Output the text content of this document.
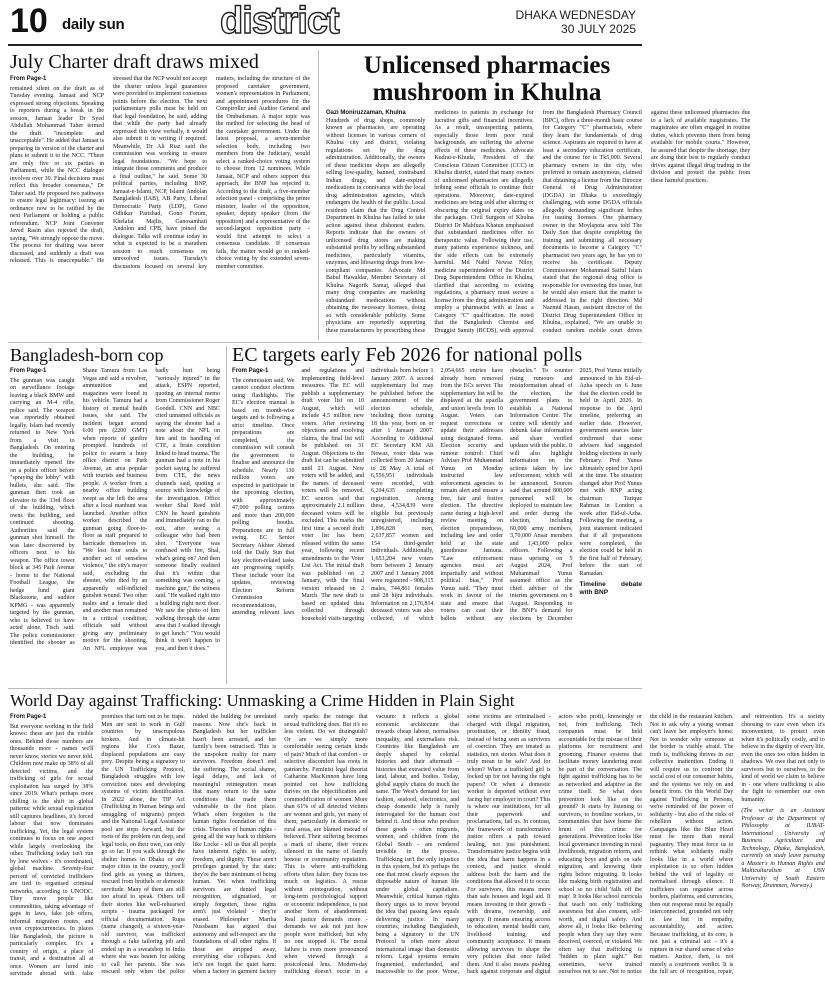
10 daily sun	district	DHAKA WEDNESDAY
30 JULY 2025
July Charter draft draws mixed
From Page-1

remained silent on the draft as of Tuesday evening. Jamaat and NCP expressed strong objections. Speaking to reporters during a break in the session, Jamaat leader Dr Syed Abdullah Mohammad Taher termed the draft "incomplete and unacceptable". He added that Jamaat is preparing its version of the charter and plans to submit it to the NCC. "There are only five or six parties in Parliament, while the NCC dialogue involves over 30. Final decisions must reflect this broader consensus," Dr Taher said. He proposed two pathways to ensure legal legitimacy: issuing an ordinance now to be ratified by the next Parliament or holding a public referendum. NCP Joint Convener Javed Rasin also rejected the draft, saying, "We strongly oppose the move. The process for drafting was never discussed, and suddenly a draft was released. This is unacceptable." He stressed that the NCP would not accept the charter unless legal guarantees were provided to implement consensus points before the election. The next parliamentary polls must be held on that legal foundation, he said, adding that while the party had already expressed this view verbally, it would also submit it in writing if required. Meanwhile, Dr Ali Riaz said the commission was working to ensure legal foundations. "We hope to integrate those comments and produce a final outline," he said. Some 30 political parties, including BNP, Jamaat-e-Islami, NCP, Islami Andolan Bangladesh (IAB), AB Party, Liberal Democratic Party (LDP), Gono Odhikar Parishad, Gono Forum, Khelafat Majlis, Ganosamhati Andolon and CPB, have joined the dialogue. Talks will continue today in what is expected to be a marathon session to reach consensus on unresolved issues. Tuesday's discussions focused on several key matters, including the structure of the proposed caretaker government, women's representation in Parliament, and appointment procedures for the Comptroller and Auditor General and the Ombudsman. A major topic was the method for selecting the head of the caretaker government. Under the latest proposal, a seven-member selection body, including two members from the Judiciary, would select a ranked-choice voting system to choose from 12 nominees. While Jamaat, NCP and others support this approach, the BNP has rejected it. According to the draft, a five-member selection panel - comprising the prime minister, leader of the opposition, speaker, deputy speaker (from the opposition) and a representative of the second-largest opposition party - would first attempt to select a consensus candidate. If consensus fails, the matter would go to ranked-choice voting by the extended seven-member committee.

Unlicensed pharmacies mushroom in Khulna
Gazi Moniruzzaman, Khulna

Hundreds of drug shops, commonly known as pharmacies, are operating without licenses in various corners of Khulna city and district, violating regulations set by the drug administration. Additionally, the owners of these medicine shops are allegedly selling low-quality, banned, contraband Indian drugs, and date-expired medications in connivance with the local drug administration agencies, which endangers the health of the public. Local residents claim that the Drug Control Department in Khulna has failed to take action against these dishonest traders. Reports indicate that the owners of unlicensed drug stores are making substantial profits by selling substandard medicines, particularly vitamins, enzymes, and lifesaving drugs from low-compliant companies. Advocate Md Babul Hawaldar, Member Secretary of Khulna Nagorik Samaj, alleged that many drug companies are marketing substandard medications without obtaining the necessary licenses, doing so with considerable publicity. Some physicians are reportedly supporting these manufacturers by prescribing these medicines to patients in exchange for lucrative gifts and financial incentives. As a result, unsuspecting patients, especially those from poor rural backgrounds, are suffering the adverse effects of these medicines. Advocate Kudrat-e-Khuda, President of the Conscious Citizen Committee (CCC) in Khulna district, stated that many owners of unlicensed pharmacies are allegedly bribing some officials to continue their operations. Moreover, date-expired medicines are being sold after altering or obscuring the original expiry dates on the packages. Civil Surgeon of Khulna District Dr Mahfuza Khatun emphasised that substandard medicines offer no therapeutic value. Following their use, many patients experience sickness, and the side effects can be extremely harmful. Md Nabil Newaz Niloy, medicine superintendent of the District Drug Superintendent Office in Khulna, clarified that according to existing regulations, a pharmacy must secure a license from the drug administration and employ a pharmacist with at least a Category "C" qualification. He noted that the Bangladesh Chemist and Druggist Samity (BCDS), with approval from the Bangladesh Pharmacy Council (BPC), offers a three-month basic course for Category "C" pharmacists, where they learn the fundamentals of drug science. Aspirants are required to have at least a secondary education certificate, and the course fee is Tk5,000. Several pharmacy owners in the city, who preferred to remain anonymous, claimed that obtaining a license from the Director General of Drug Administration (DGDA) in Dhaka is exceedingly challenging, with some DGDA officials allegedly demanding significant bribes for issuing licenses. One pharmacy owner in the Moylapota area told The Daily Sun that despite completing the training and submitting all necessary documents to become a Category "C" pharmacist two years ago, he has yet to receive his certificate. Deputy Commissioner Mohammad Saiful Islam stated that the regional drug office is responsible for overseeing this issue, but he would also ensure that the matter is addressed in the right direction. Md Nazmul Hasan, assistant director of the District Drug Superintendent Office in Khulna, explained, "We are unable to conduct random mobile court drives against these unlicensed pharmacies due to a lack of available magistrates. The magistrates are often engaged in routine duties, which prevents them from being available for mobile courts." However, he assured that despite the shortage, they are doing their best to regularly conduct drives against illegal drug trading in the division and protect the public from these harmful practices.

Bangladesh-born cop
From Page-1

The gunman was caught on surveillance footage leaving a black BMW and carrying an M-4 rifle, police said. The weapon was reportedly obtained legally. Islam had recently returned to New York from a visit to Bangladesh. On entering the building, he immediately opened fire on a police officer before "spraying the lobby" with bullets, she said. The gunman then took an elevator to the 33rd floor of the building, which owns the building, and continued shooting. Authorities said the gunman shot himself. He was later discovered by officers next to his weapon. The office tower block at 345 Park Avenue - home to the National Football League, the hedge fund giant Blackstone, and auditor KPMG - was apparently targeted by the gunman, who is believed to have acted alone, Tisch said. The police commissioner identified the shooter as Shane Tamura from Las Vegas and said a revolver, ammunition and magazines were found in his vehicle. Tamura had a history of mental health issues, she said. The incident began around 6:00 pm (2200 GMT) when reports of gunfire prompted hundreds of police to swarm a busy office district on Park Avenue, an area popular with tourists and business people. A worker from a nearby office building swept as she left the area after a local manhunt was launched. Another office worker described the gunman going floor-to-floor as staff prepared to barricade themselves in. "We lost four souls to another act of senseless violence," the city's mayor said, excluding the shooter, who died by an apparently self-inflicted gunshot wound. Two other males and a female died and another man remained in a critical condition, officials said without giving any preliminary motive for the shooting. An NFL employee was badly hurt being "seriously injured" in the attack, ESPN reported, quoting an internal memo from Commissioner Roger Goodell. CNN and NBC cited unnamed officials as saying the shooter had a note about the NFL on him and its handling of CTE, a brain condition linked to head trauma. The gunman had a note in his pocket saying he suffered from CTE, the news channels said, quoting a source with knowledge of the investigation. Office worker Shal Reed told CNN he heard gunshots and immediately ran to the exit, after seeing a colleague who had been shot. "Everyone was confused with fire, Shal, what's going on? And then someone finally realised that it's within that something was coming, a machine gun," the witness said. "He walked right into a building right next door. We saw the photo of him walking through the same area that I walked through to get lunch." "You would think it won't happen to you, and then it does."

EC targets early Feb 2026 for national polls
From Page-1

The commission said. We cannot conduct elections using flashlights. The EC's election manual is based on month-wise targets and is following a strict timeline. Once preparations are completed, the commission will consult the government to finalise and announce the schedule. Nearly 130 million voters are expected to participate in the upcoming election, with approximately 47,000 polling centres and more than 200,000 polling booths. Preparations are in full swing. EC Senior Secretary Akhter Ahmed told the Daily Sun that key election-related tasks are progressing rapidly. These include voter list updates, reviewing Election Reform Commission recommendations, amending relevant laws and regulations and implementing field-level measures. The EC will publish a supplementary draft voter list on 10 August, which will include 4.5 million new voters. After reviewing objections and resolving claims, the final list will be published on 31 August. Objections to the draft list can be submitted until 21 August. New voters will be added, and the names of deceased voters will be removed. EC sources said that approximately 2.1 million deceased voters will be excluded. This marks the first time a second draft voter list has been released within the same year, following recent amendments to the Voter List Act. The initial draft was published on 2 January, with the final version released on 2 March. The new draft is based on updated data collected through household visits targeting individuals born before 1 January 2007. A second supplementary list may be published before the announcement of the election schedule, including those turning 18 this year, born on or after 1 January 2007. According to Additional EC Secretary KM Ali Newaz, voter data was collected from 20 January to 28 May. A total of 6,556,951 individuals were recorded, with 6,204,635 completing registration. Among these, 4,534,839 were eligible but previously unregistered, including 1,896,828 men, 2,637,857 women and 154 third-gender individuals. Additionally, 1,653,204 new voters born between 2 January 2007 and 1 January 2008 were registered - 908,315 males, 744,861 females and 28 hijra individuals. Information on 2,176,814 deceased voters was also collected, of which 2,054,665 entries have already been removed from the ECs server. The supplementary list will be displayed at the upazila and union levels from 10 August. Voters can request corrections or update their addresses using designated forms. Election security and rumour control: Chief Adviser Prof Muhammad Yunus on Monday instructed law enforcement agencies to remain alert and ensure a free, fair and festive election. The directive came during a high-level review meeting on election preparedness, including law and order held at the state guesthouse Jamuna. "Law enforcement agencies must act impartially and without political bias," Prof Yunus said. "They must work in favour of the state and ensure that voters can cast their ballots without any obstacles." To counter rising rumours and misinformation ahead of the election, the government plans to establish a National Information Centre. The centre will identify and debunk false information and share verified updates with the public. It will also highlight information on the actions taken by law enforcement, which will be announced. Sources said that around 800,000 personnel will be deployed to maintain law and order during the election, including 60,000 army members, 3,70,000 Ansar members and 1,43,000 police officers. Following a mass uprising on 5 August 2024, Prof Muhammad Yunus assumed office as the chief adviser of the interim government on 8 August. Responding to the BNP's demand for elections by December 2025, Prof Yunus initially announced in his Eid-ul-Azha speech on 6 June that the election could be held in April 2026. In response to the April timeline, preferring an earlier date. However, government sources later confirmed that some advisers had suggested holding elections in early February. Prof Yunus ultimately opted for April at the time. The situation changed after Prof Yunus met with BNP acting chairman Tarique Rahman in London a week after Eid-ul-Azha. Following the meeting, a joint statement indicated that if all preparations were completed, the election could be held in the first half of February, before the start of Ramadan.

Timeline debate with BNP
World Day against Trafficking: Unmasking a Crime Hidden in Plain Sight
From Page-1

But everyone working in the field knows: these are just the visible ones. Behind those numbers are thousands more - names we'll never know, stories we never told. Children now make up 38% of all detected victims, and the trafficking of girls for sexual exploitation has surged by 38% since 2019. What's perhaps more chilling is the shift in global patterns: while sexual exploitation still captures headlines, it's forced labour that now dominates trafficking. Yet, the legal system continues to focus on one aspect while largely overlooking the other. Trafficking today isn't run by lone wolves - it's coordinated, global machine. Seventy-four percent of convicted traffickers are tied to organised criminal networks, according to UNODC. They move people like commodities, taking advantage of gaps in laws, fake job offers, informal migration routes, and even cryptocurrencies. In places like Bangladesh, the picture is particularly complex. It's a country of origin, a place of transit, and a destination all at once. Women are lured into servitude abroad with false promises that turn out to be traps. Men are sent to work in Gulf countries by unscrupulous brokers. And in climate-hit regions like Cox's Bazar, displaced populations are easy prey. Despite being a signatory to the UN Trafficking Protocol, Bangladesh struggles with low conviction rates and developing systems of victim identification. In 2022 alone, the TIP Act (Trafficking in Human beings and smuggling of migrants) project and the National Legal Assistance pool are steps forward, but the roots of the problem run deep, and legal tools, on their own, can only go so far. If you walk through the shelter homes in Dhaka or any major cities in the country, you'll find girls as young as thirteen, rescued from brothels or domestic servitude. Many of them are still too afraid to speak. Others tell their stories like well-rehearsed scripts - trauma packaged for official documentation. Rupa (name changed), a sixteen-year-old survivor, was trafficked through a fake tailoring job and ended up in a sweatshop in India where she was beaten for asking to call her parents. She was rescued only when the police raided the building for unrelated reasons. Now she's back in Bangladesh but her trafficker hasn't been arrested, and her family's been ostracised. This is the unspoken reality for many survivors. Freedom doesn't end the suffering. The social shame, legal delays, and lack of meaningful reintegration mean that many return to the same conditions that made them vulnerable in the first place. What's often forgotten is the human rights foundation of this crisis. Theories of human rights - going all the way back to thinkers like Locke - tell us that all people have inherent rights to safety, freedom, and dignity. These aren't privileges granted by the state; they're the bare minimum of being human. Yet when trafficking survivors are denied legal recognition, stigmatised, or simply forgotten, those rights aren't just violated - they're erased. Philosopher Martha Nussbaum has argued that autonomy and self-respect are the foundations of all other rights. If those are stripped away, everything else collapses. And let's not forget the quiet harm: when a factory in garment factory rarely sparks the outrage that sexual trafficking does. But it's no less violent. Do we distinguish? Or are we simply more comfortable seeing certain kinds of pain? Much of that comfort - or selective discomfort has roots in patriarchy. Feminist legal theorist Catharine MacKinnon have long pointed out how trafficking thrives on the objectification and commodification of women. More than 61% of all detected victims are women and girls, yet many of them, particularly in domestic or rural areas, are blamed instead of believed. Their suffering becomes a mark of shame, their voices silenced in the name of family honour or community reputation. This is where anti-trafficking efforts often falter: they focus too much on logistics. A rescue without reintegration, without long-term psychological support or economic independence, is just another form of abandonment. Real justice demands more - demands we ask not just how people were trafficked, but why no one stopped it. The moral failure is even more pronounced when viewed through a postcolonial lens. Modern-day trafficking doesn't occur in a vacuum: it reflects a global economic architecture that rewards cheap labour, normalises inequality, and externalises risk. Countries like Bangladesh are deeply shaped by colonial histories and their aftermath - histories that extracted value from land, labour, and bodies. Today, global supply chains do much the same. The West's demand for fast fashion, seafood, electronics, and cheap domestic help is rarely interrogated for the human cost behind it. And those who produce these goods - often migrants, women, and children from the Global South - are rendered invisible in the process. Trafficking isn't the only injustice in this system, but it's perhaps the one that most clearly exposes the disposable nature of human life under global capitalism. Meanwhile, critical human rights theory urges us to move beyond the idea that passing laws equals delivering justice. In many countries, including Bangladesh, being a signatory to the UN Protocol is often more about international image than domestic reform. Legal systems remain fragmented, underfunded, and inaccessible to the poor. Worse, some victims are criminalised - charged with illegal migration, prostitution, or identity fraud, instead of being seen as survivors of coercion. They are treated as statistics, not stories. What does it truly mean to be safe? And for whom? When a trafficked girl is locked up for not having the right papers? Or when a domestic worker is deported without ever facing her employer in court? This is where our institutions, for all their paperwork and proclamations, fail us. In contrast, the framework of transformative justice offers a path toward healing, not just punishment. Transformative justice begins with the idea that harm happens in a context, and justice should address both the harm and the conditions that allowed it to occur. For survivors, this means more than safe houses and legal aid. It means investing in their growth - with dreams, ownership, and agency. It means ensuring access to education, mental health care, livelihood training, and community acceptance. It means allowing survivors to shape the very policies that once failed them. And it also means pushing back against corporate and digital actors who profit, knowingly or not, from trafficking. Tech companies must be held accountable for the misuse of their platforms for recruitment and grooming. Finance systems that facilitate money laundering must be part of the conversation. The fight against trafficking has to be as networked and adaptive as the crime itself. So what does prevention look like on the ground? It starts by listening to survivors, to frontline workers, to communities that have borne the brunt of this crime for generations. Prevention looks like local governance investing in rural livelihoods, migration reform, and educating boys and girls on safe migration, and knowing their rights before migrating. It looks like making birth registration and school so no child 'falls off the map'. It looks like school curricula that teach not only trafficking awareness but also consent, self-worth, and digital safety. And above all, it looks like believing people when they say they were deceived, coerced, or violated. We often say that trafficking is "hidden in plain sight." But sometimes, we've trained ourselves not to see. Not to notice the child in the restaurant kitchen. Not to ask why a young woman can't leave her employer's home. Not to wonder why someone at the border is visibly afraid. The truth is, trafficking thrives in our collective inattention. Ending it will require us to confront the social cost of our consumer habits, and the systems we rely on and benefit from. On this World Day against Trafficking in Persons, we're reminded of the power of solidarity - but also of the risks of rebellion without action. Campaigns like the Blue Heart must be more than moral pageantry. They must force us to rethink what solidarity really looks like in a world where exploitation is so often hidden behind the veil of legality or normalised through silence. If traffickers can organise across borders, platforms, and currencies, then our response must be equally interconnected, grounded not only in law but in empathy, accountability, and action. Because trafficking, at its core, is not just a criminal act - it's a rupture in our shared sense of who matters. Justice, then, is not merely a courtroom verdict. It is the full arc of recognition, repair, and reinvention. It's a society choosing to care even when it's inconvenient, to protect even when it's politically costly, and to believe in the dignity of every life, even the ones too often hidden in shadows. We owe that not only to survivors but to ourselves, to the kind of world we claim to believe in - one where trafficking is also the fight to remember our own humanity.

(The writer is an Assistant Professor at the Department of Philosophy at IUBAT-International University of Business Agriculture and Technology, Dhaka, Bangladesh, currently on study leave pursuing a Master's in Human Rights and Multiculturalism at USN University of South Eastern Norway, Drammen, Norway.)
